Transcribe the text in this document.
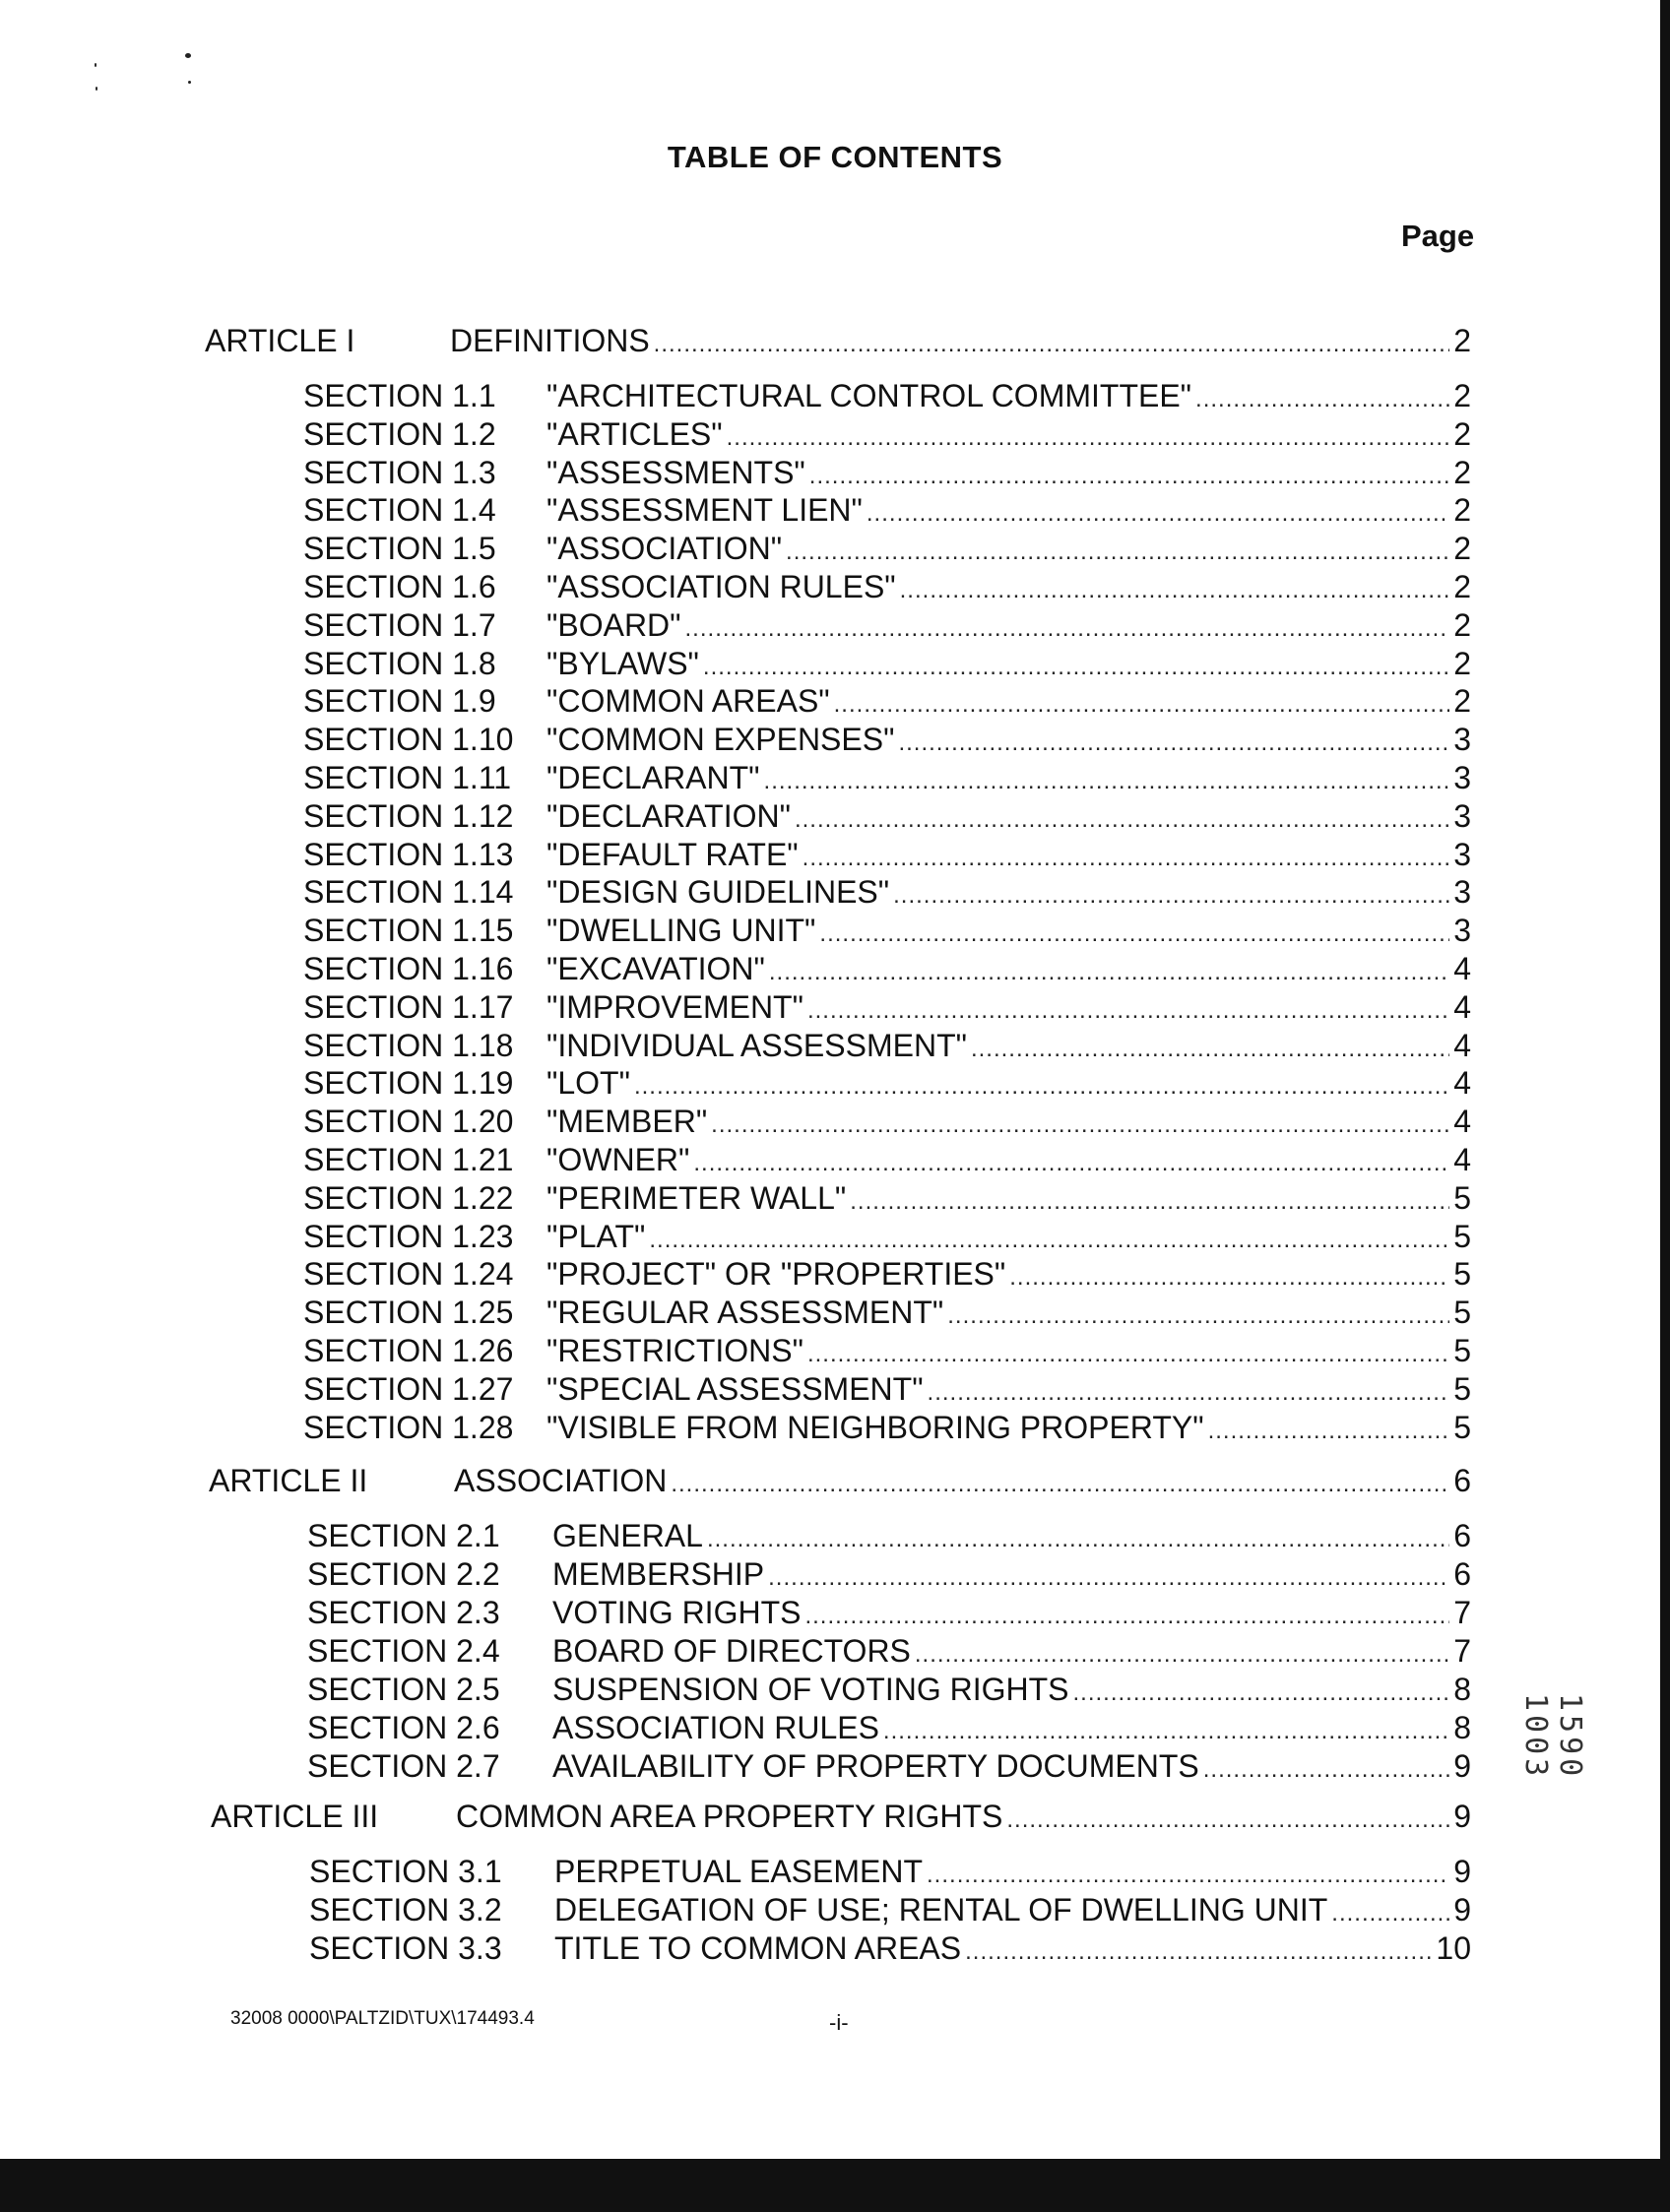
TABLE OF CONTENTS
Page
ARTICLE I	DEFINITIONS .....	2
SECTION 1.1	"ARCHITECTURAL CONTROL COMMITTEE" .....	2
SECTION 1.2	"ARTICLES" .....	2
SECTION 1.3	"ASSESSMENTS" .....	2
SECTION 1.4	"ASSESSMENT LIEN" .....	2
SECTION 1.5	"ASSOCIATION" .....	2
SECTION 1.6	"ASSOCIATION RULES" .....	2
SECTION 1.7	"BOARD" .....	2
SECTION 1.8	"BYLAWS" .....	2
SECTION 1.9	"COMMON AREAS" .....	2
SECTION 1.10	"COMMON EXPENSES" .....	3
SECTION 1.11	"DECLARANT" .....	3
SECTION 1.12	"DECLARATION" .....	3
SECTION 1.13	"DEFAULT RATE" .....	3
SECTION 1.14	"DESIGN GUIDELINES" .....	3
SECTION 1.15	"DWELLING UNIT" .....	3
SECTION 1.16	"EXCAVATION" .....	4
SECTION 1.17	"IMPROVEMENT" .....	4
SECTION 1.18	"INDIVIDUAL ASSESSMENT" .....	4
SECTION 1.19	"LOT" .....	4
SECTION 1.20	"MEMBER" .....	4
SECTION 1.21	"OWNER" .....	4
SECTION 1.22	"PERIMETER WALL" .....	5
SECTION 1.23	"PLAT" .....	5
SECTION 1.24	"PROJECT" OR "PROPERTIES" .....	5
SECTION 1.25	"REGULAR ASSESSMENT" .....	5
SECTION 1.26	"RESTRICTIONS" .....	5
SECTION 1.27	"SPECIAL ASSESSMENT" .....	5
SECTION 1.28	"VISIBLE FROM NEIGHBORING PROPERTY" .....	5
ARTICLE II	ASSOCIATION .....	6
SECTION 2.1	GENERAL .....	6
SECTION 2.2	MEMBERSHIP .....	6
SECTION 2.3	VOTING RIGHTS .....	7
SECTION 2.4	BOARD OF DIRECTORS .....	7
SECTION 2.5	SUSPENSION OF VOTING RIGHTS .....	8
SECTION 2.6	ASSOCIATION RULES .....	8
SECTION 2.7	AVAILABILITY OF PROPERTY DOCUMENTS .....	9
ARTICLE III	COMMON AREA PROPERTY RIGHTS .....	9
SECTION 3.1	PERPETUAL EASEMENT .....	9
SECTION 3.2	DELEGATION OF USE; RENTAL OF DWELLING UNIT .....	9
SECTION 3.3	TITLE TO COMMON AREAS .....	10
32008 0000\PALTZID\TUX\174493.4	-i-
1590 1003
